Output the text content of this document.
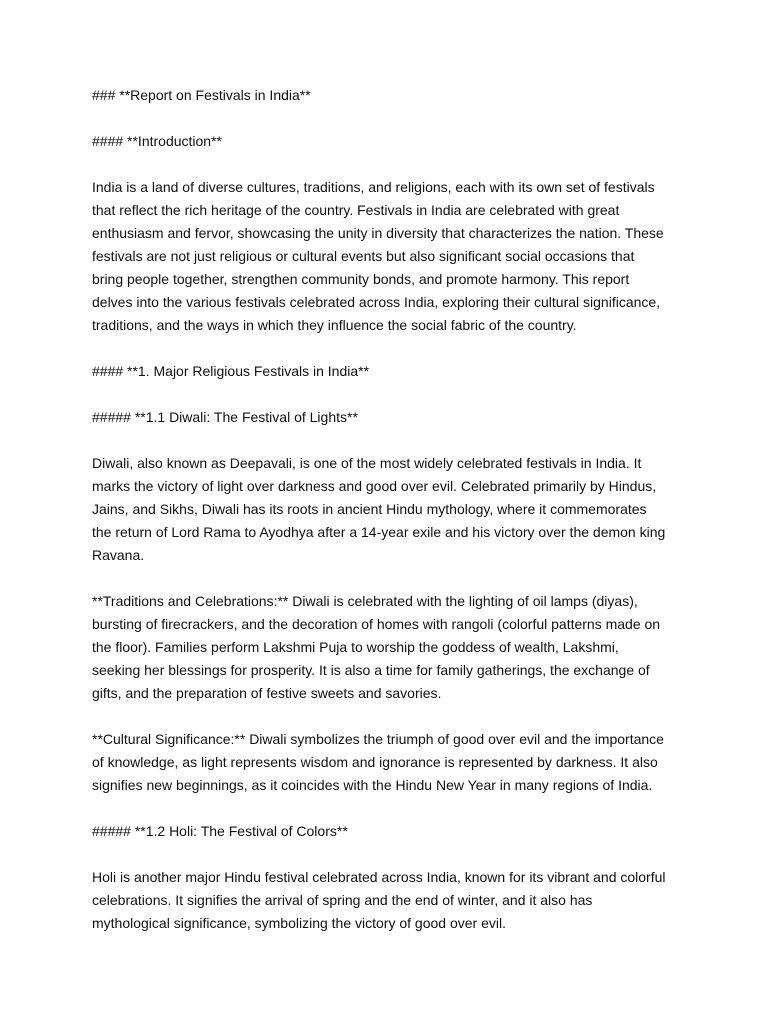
### **Report on Festivals in India**
#### **Introduction**
India is a land of diverse cultures, traditions, and religions, each with its own set of festivals
that reflect the rich heritage of the country. Festivals in India are celebrated with great
enthusiasm and fervor, showcasing the unity in diversity that characterizes the nation. These
festivals are not just religious or cultural events but also significant social occasions that
bring people together, strengthen community bonds, and promote harmony. This report
delves into the various festivals celebrated across India, exploring their cultural significance,
traditions, and the ways in which they influence the social fabric of the country.
#### **1. Major Religious Festivals in India**
##### **1.1 Diwali: The Festival of Lights**
Diwali, also known as Deepavali, is one of the most widely celebrated festivals in India. It
marks the victory of light over darkness and good over evil. Celebrated primarily by Hindus,
Jains, and Sikhs, Diwali has its roots in ancient Hindu mythology, where it commemorates
the return of Lord Rama to Ayodhya after a 14-year exile and his victory over the demon king
Ravana.
**Traditions and Celebrations:** Diwali is celebrated with the lighting of oil lamps (diyas),
bursting of firecrackers, and the decoration of homes with rangoli (colorful patterns made on
the floor). Families perform Lakshmi Puja to worship the goddess of wealth, Lakshmi,
seeking her blessings for prosperity. It is also a time for family gatherings, the exchange of
gifts, and the preparation of festive sweets and savories.
**Cultural Significance:** Diwali symbolizes the triumph of good over evil and the importance
of knowledge, as light represents wisdom and ignorance is represented by darkness. It also
signifies new beginnings, as it coincides with the Hindu New Year in many regions of India.
##### **1.2 Holi: The Festival of Colors**
Holi is another major Hindu festival celebrated across India, known for its vibrant and colorful
celebrations. It signifies the arrival of spring and the end of winter, and it also has
mythological significance, symbolizing the victory of good over evil.
